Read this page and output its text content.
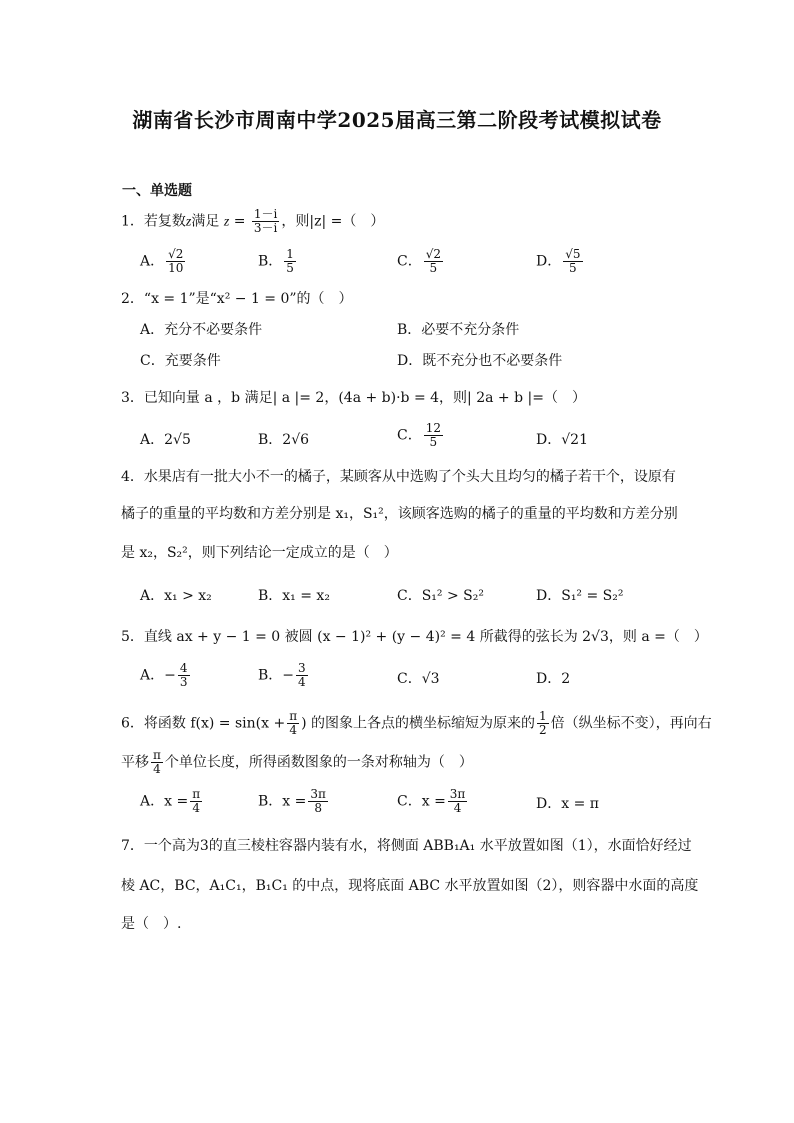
湖南省长沙市周南中学2025届高三第二阶段考试模拟试卷
一、单选题
1．若复数z满足 $z = \frac{1-i}{3-i}$ ，则|z| =（　）
A． $\frac{√2}{10}$	B． $\frac{1}{5}$	C． $\frac{√2}{5}$	D． $\frac{√5}{5}$
2．“x = 1”是“x² − 1 = 0”的（　）
A．充分不必要条件	B．必要不充分条件
C．充要条件	D．既不充分也不必要条件
3．已知向量 a ，b 满足| a |= 2，(4a + b)·b = 4，则| 2a + b |=（　）
A．2√5	B．2√6	C． $\frac{12}{5}$	D．√21
4．水果店有一批大小不一的橘子，某顾客从中选购了个头大且均匀的橘子若干个，设原有
橘子的重量的平均数和方差分别是 x₁，S₁²，该顾客选购的橘子的重量的平均数和方差分别
是 x₂，S₂²，则下列结论一定成立的是（　）
A．x₁ > x₂	B．x₁ = x₂	C．S₁² > S₂²	D．S₁² = S₂²
5．直线 ax + y − 1 = 0 被圆 (x − 1)² + (y − 4)² = 4 所截得的弦长为 2√3，则 a =（　）
A．− $\frac{4}{3}$	B．− $\frac{3}{4}$	C．√3	D．2
6．将函数 $f(x) = \sin(x + \frac{\pi}{4}$ ) 的图象上各点的横坐标缩短为原来的 $\frac{1}{2}$ 倍（纵坐标不变），再向右
平移 $\frac{\pi}{4}$ 个单位长度，所得函数图象的一条对称轴为（　）
A．$x = \frac{\pi}{4}$	B．$x = \frac{3\pi}{8}$	C．$x = \frac{3\pi}{4}$	D．x = π
7．一个高为3的直三棱柱容器内装有水，将侧面 ABB₁A₁ 水平放置如图（1），水面恰好经过
棱 AC，BC，A₁C₁，B₁C₁ 的中点，现将底面 ABC 水平放置如图（2），则容器中水面的高度
是（　）.
